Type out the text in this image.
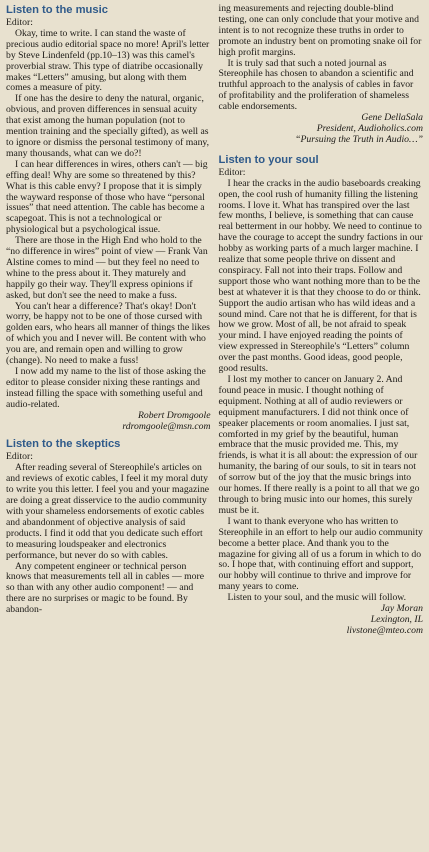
Listen to the music

Editor:

Okay, time to write. I can stand the waste of precious audio editorial space no more! April's letter by Steve Lindenfeld (pp.10–13) was this camel's proverbial straw. This type of diatribe occasionally makes “Letters” amusing, but along with them comes a measure of pity.

If one has the desire to deny the natural, organic, obvious, and proven differences in sensual acuity that exist among the human population (not to mention training and the specially gifted), as well as to ignore or dismiss the personal testimony of many, many thousands, what can we do?!

I can hear differences in wires, others can't — big effing deal! Why are some so threatened by this? What is this cable envy? I propose that it is simply the wayward response of those who have “personal issues” that need attention. The cable has become a scapegoat. This is not a technological or physiological but a psychological issue.

There are those in the High End who hold to the “no difference in wires” point of view — Frank Van Alstine comes to mind — but they feel no need to whine to the press about it. They maturely and happily go their way. They'll express opinions if asked, but don't see the need to make a fuss.

You can't hear a difference? That's okay! Don't worry, be happy not to be one of those cursed with golden ears, who hears all manner of things the likes of which you and I never will. Be content with who you are, and remain open and willing to grow (change). No need to make a fuss!

I now add my name to the list of those asking the editor to please consider nixing these rantings and instead filling the space with something useful and audio-related.

Robert Dromgoole

rdromgoole@msn.com

Listen to the skeptics

Editor:

After reading several of Stereophile's articles on and reviews of exotic cables, I feel it my moral duty to write you this letter. I feel you and your magazine are doing a great disservice to the audio community with your shameless endorsements of exotic cables and abandonment of objective analysis of said products. I find it odd that you dedicate such effort to measuring loudspeaker and electronics performance, but never do so with cables.

Any competent engineer or technical person knows that measurements tell all in cables — more so than with any other audio component! — and there are no surprises or magic to be found. By abandon-

ing measurements and rejecting double-blind testing, one can only conclude that your motive and intent is to not recognize these truths in order to promote an industry bent on promoting snake oil for high profit margins.

It is truly sad that such a noted journal as Stereophile has chosen to abandon a scientific and truthful approach to the analysis of cables in favor of profitability and the proliferation of shameless cable endorsements.

Gene DellaSala

President, Audioholics.com

“Pursuing the Truth in Audio…”

Listen to your soul

Editor:

I hear the cracks in the audio baseboards creaking open, the cool rush of humanity filling the listening rooms. I love it. What has transpired over the last few months, I believe, is something that can cause real betterment in our hobby. We need to continue to have the courage to accept the sundry factions in our hobby as working parts of a much larger machine. I realize that some people thrive on dissent and conspiracy. Fall not into their traps. Follow and support those who want nothing more than to be the best at whatever it is that they choose to do or think. Support the audio artisan who has wild ideas and a sound mind. Care not that he is different, for that is how we grow. Most of all, be not afraid to speak your mind. I have enjoyed reading the points of view expressed in Stereophile's “Letters” column over the past months. Good ideas, good people, good results.

I lost my mother to cancer on January 2. And found peace in music. I thought nothing of equipment. Nothing at all of audio reviewers or equipment manufacturers. I did not think once of speaker placements or room anomalies. I just sat, comforted in my grief by the beautiful, human embrace that the music provided me. This, my friends, is what it is all about: the expression of our humanity, the baring of our souls, to sit in tears not of sorrow but of the joy that the music brings into our homes. If there really is a point to all that we go through to bring music into our homes, this surely must be it.

I want to thank everyone who has written to Stereophile in an effort to help our audio community become a better place. And thank you to the magazine for giving all of us a forum in which to do so. I hope that, with continuing effort and support, our hobby will continue to thrive and improve for many years to come.

Listen to your soul, and the music will follow.

Jay Moran

Lexington, IL

livstone@mteo.com
